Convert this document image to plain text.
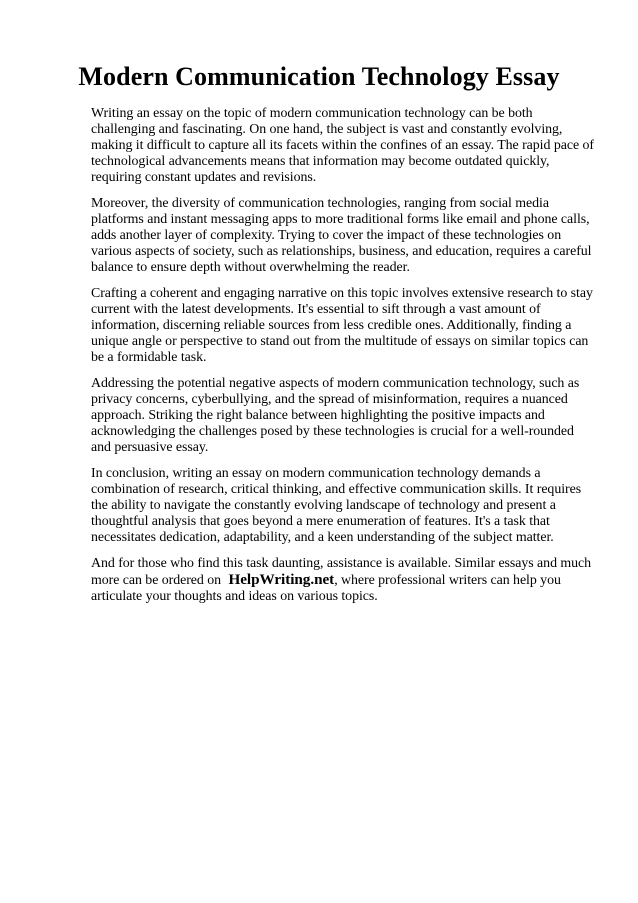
Modern Communication Technology Essay

Writing an essay on the topic of modern communication technology can be both challenging and fascinating. On one hand, the subject is vast and constantly evolving, making it difficult to capture all its facets within the confines of an essay. The rapid pace of technological advancements means that information may become outdated quickly, requiring constant updates and revisions.

Moreover, the diversity of communication technologies, ranging from social media platforms and instant messaging apps to more traditional forms like email and phone calls, adds another layer of complexity. Trying to cover the impact of these technologies on various aspects of society, such as relationships, business, and education, requires a careful balance to ensure depth without overwhelming the reader.

Crafting a coherent and engaging narrative on this topic involves extensive research to stay current with the latest developments. It's essential to sift through a vast amount of information, discerning reliable sources from less credible ones. Additionally, finding a unique angle or perspective to stand out from the multitude of essays on similar topics can be a formidable task.

Addressing the potential negative aspects of modern communication technology, such as privacy concerns, cyberbullying, and the spread of misinformation, requires a nuanced approach. Striking the right balance between highlighting the positive impacts and acknowledging the challenges posed by these technologies is crucial for a well-rounded and persuasive essay.

In conclusion, writing an essay on modern communication technology demands a combination of research, critical thinking, and effective communication skills. It requires the ability to navigate the constantly evolving landscape of technology and present a thoughtful analysis that goes beyond a mere enumeration of features. It's a task that necessitates dedication, adaptability, and a keen understanding of the subject matter.

And for those who find this task daunting, assistance is available. Similar essays and much more can be ordered on HelpWriting.net, where professional writers can help you articulate your thoughts and ideas on various topics.
